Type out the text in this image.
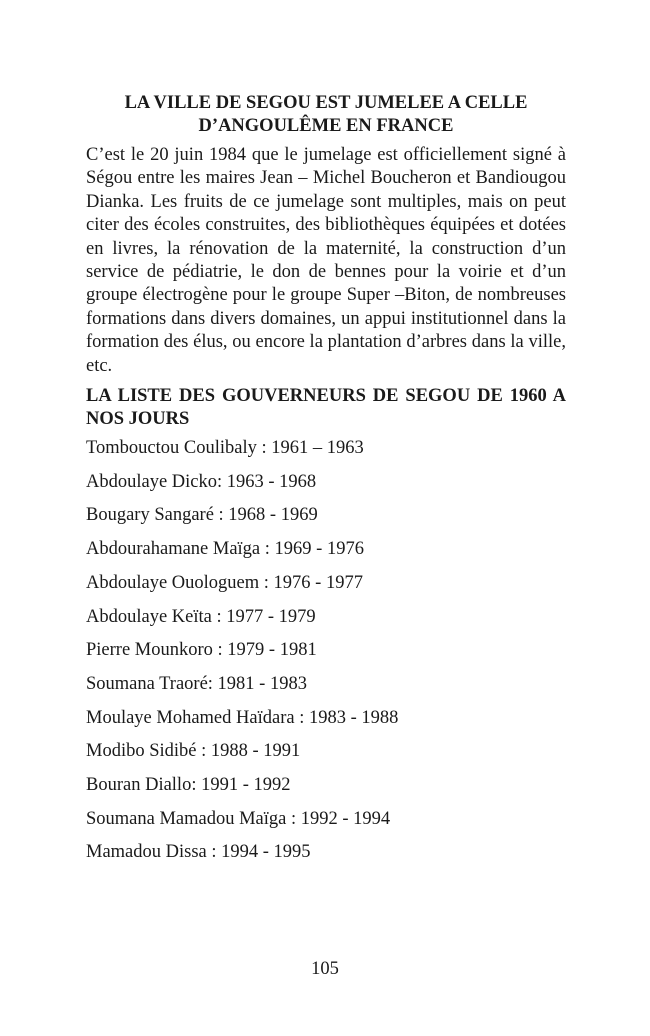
LA VILLE DE SEGOU EST JUMELEE A CELLE
D’ANGOULÊME EN FRANCE

C’est le 20 juin 1984 que le jumelage est officiellement signé à Ségou entre les maires Jean – Michel Boucheron et Bandiougou Dianka. Les fruits de ce jumelage sont multiples, mais on peut citer des écoles construites, des bibliothèques équipées et dotées en livres, la rénovation de la maternité, la construction d’un service de pédiatrie, le don de bennes pour la voirie et d’un groupe électrogène pour le groupe Super –Biton, de nombreuses formations dans divers domaines, un appui institutionnel dans la formation des élus, ou encore la plantation d’arbres dans la ville, etc.

LA LISTE DES GOUVERNEURS DE SEGOU DE 1960 A NOS JOURS
Tombouctou Coulibaly : 1961 – 1963
Abdoulaye Dicko: 1963 - 1968
Bougary Sangaré : 1968 - 1969
Abdourahamane Maïga : 1969 - 1976
Abdoulaye Ouologuem : 1976 - 1977
Abdoulaye Keïta : 1977 - 1979
Pierre Mounkoro : 1979 - 1981
Soumana Traoré: 1981 - 1983
Moulaye Mohamed Haïdara : 1983 - 1988
Modibo Sidibé : 1988 - 1991
Bouran Diallo: 1991 - 1992
Soumana Mamadou Maïga : 1992 - 1994
Mamadou Dissa : 1994 - 1995
105
